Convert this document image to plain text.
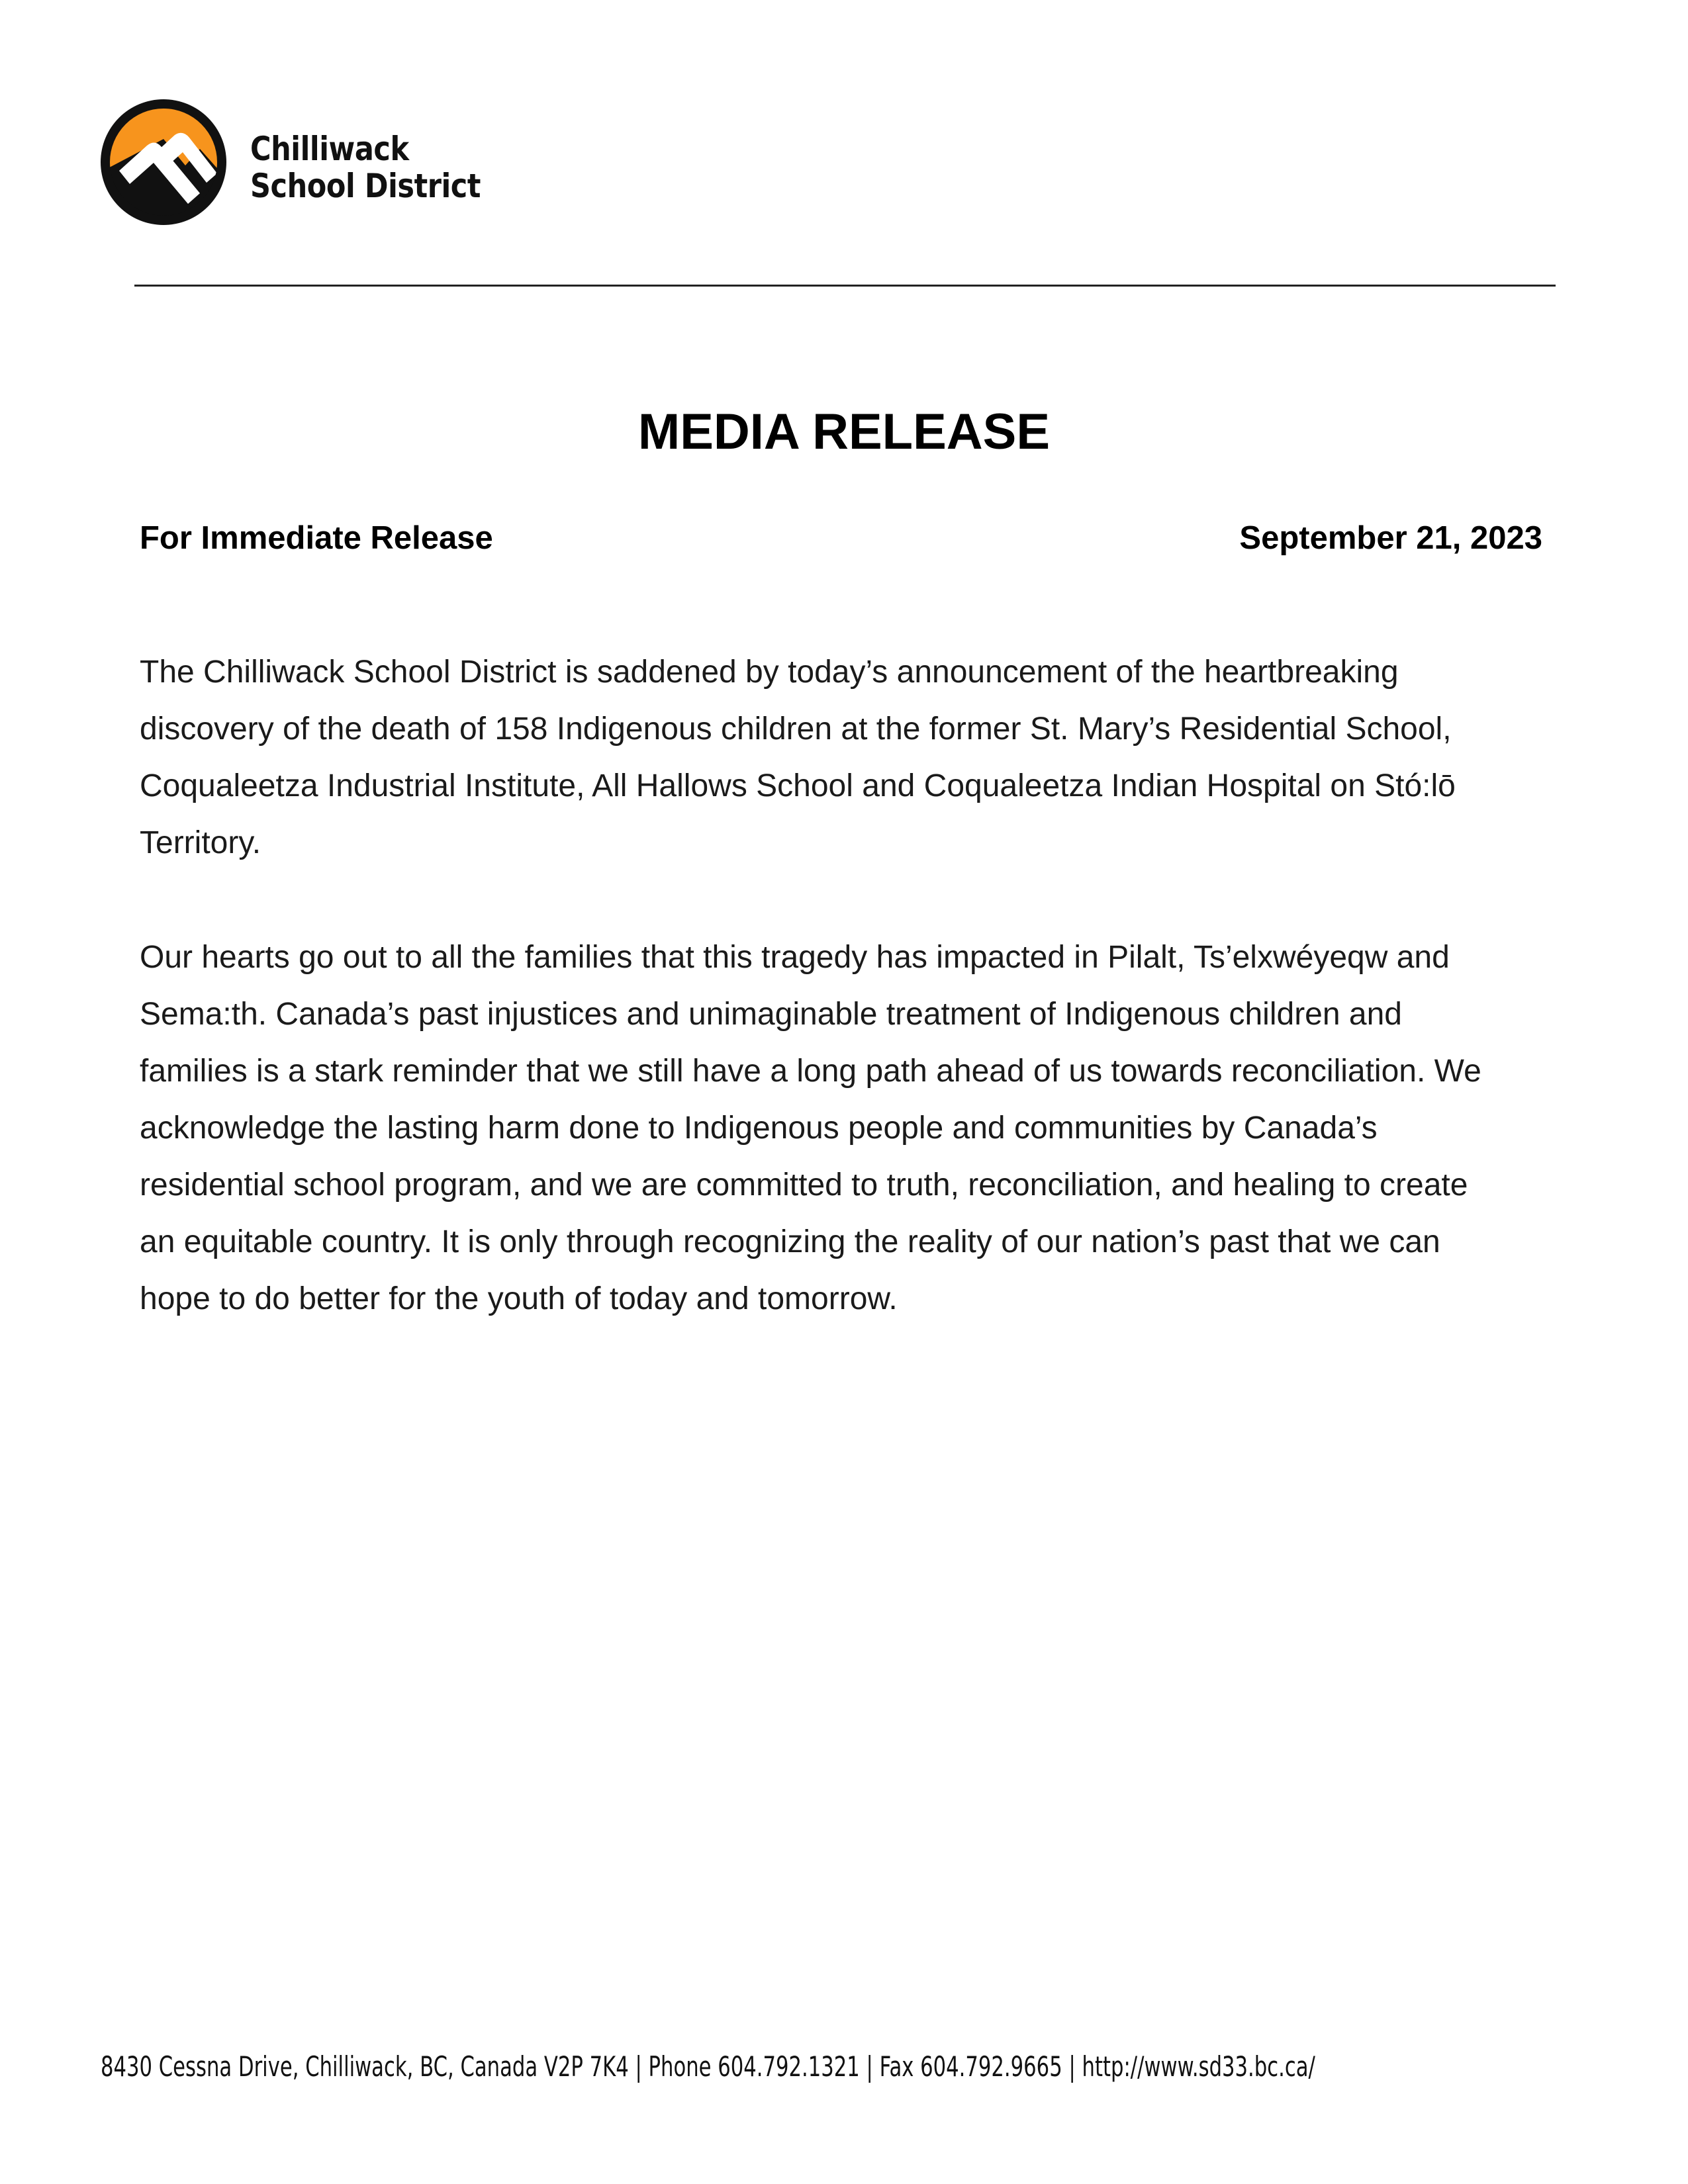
Chilliwack
School District
MEDIA RELEASE
For Immediate Release	September 21, 2023
The Chilliwack School District is saddened by today’s announcement of the heartbreaking
discovery of the death of 158 Indigenous children at the former St. Mary’s Residential School,
Coqualeetza Industrial Institute, All Hallows School and Coqualeetza Indian Hospital on Stó:lō
Territory.
Our hearts go out to all the families that this tragedy has impacted in Pilalt, Ts’elxwéyeqw and
Sema:th. Canada’s past injustices and unimaginable treatment of Indigenous children and
families is a stark reminder that we still have a long path ahead of us towards reconciliation. We
acknowledge the lasting harm done to Indigenous people and communities by Canada’s
residential school program, and we are committed to truth, reconciliation, and healing to create
an equitable country. It is only through recognizing the reality of our nation’s past that we can
hope to do better for the youth of today and tomorrow.
8430 Cessna Drive, Chilliwack, BC, Canada V2P 7K4 | Phone 604.792.1321 | Fax 604.792.9665 | http://www.sd33.bc.ca/
